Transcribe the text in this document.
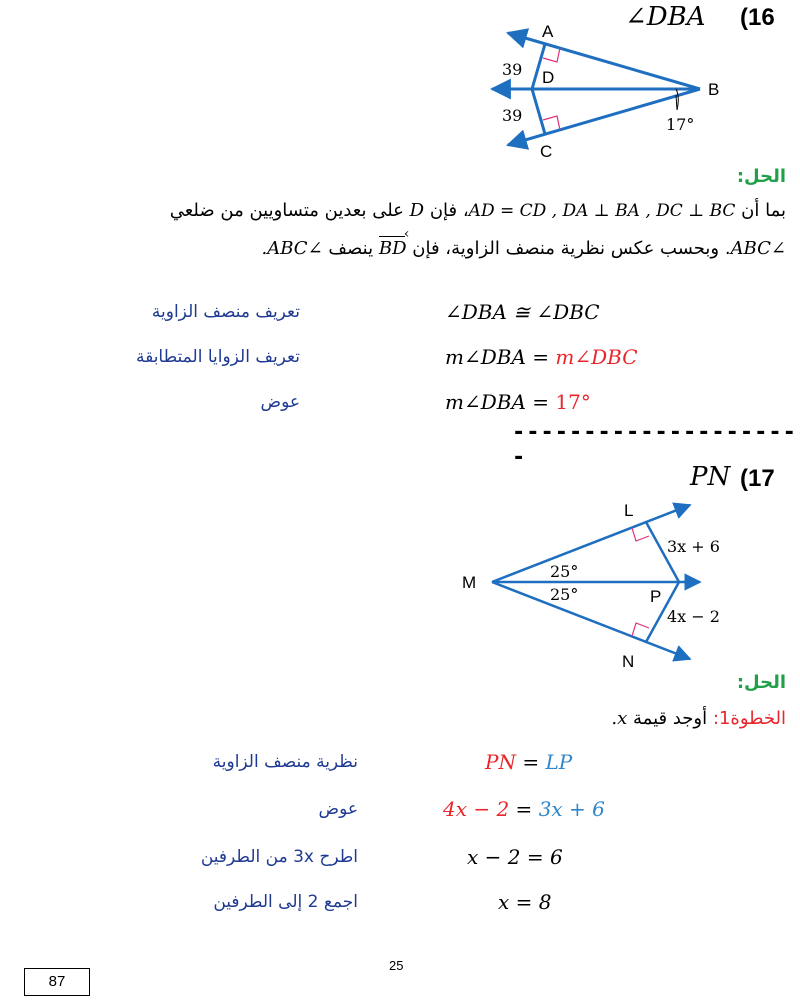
∠DBA (16
A
B
C
D
39
39	17°
الحل:
بما أن AD = CD , DA ⊥ BA , DC ⊥ BC، فإن D على بعدين متساويين من ضلعي
∠ABC. وبحسب عكس نظرية منصف الزاوية، فإن BD › ينصف ∠ABC.
∠DBA ≅ ∠DBC
تعريف منصف الزاوية
m∠DBA = m∠DBC
تعريف الزوايا المتطابقة
m∠DBA = 17°
عوض
---------------------
PN (17
L
M
N
P
3x + 6
4x − 2
25°
25°
الحل:
الخطوة1: أوجد قيمة x.
PN = LP
نظرية منصف الزاوية
4x − 2 = 3x + 6
عوض
x − 2 = 6
اطرح 3x من الطرفين
x = 8
اجمع 2 إلى الطرفين
25
87
